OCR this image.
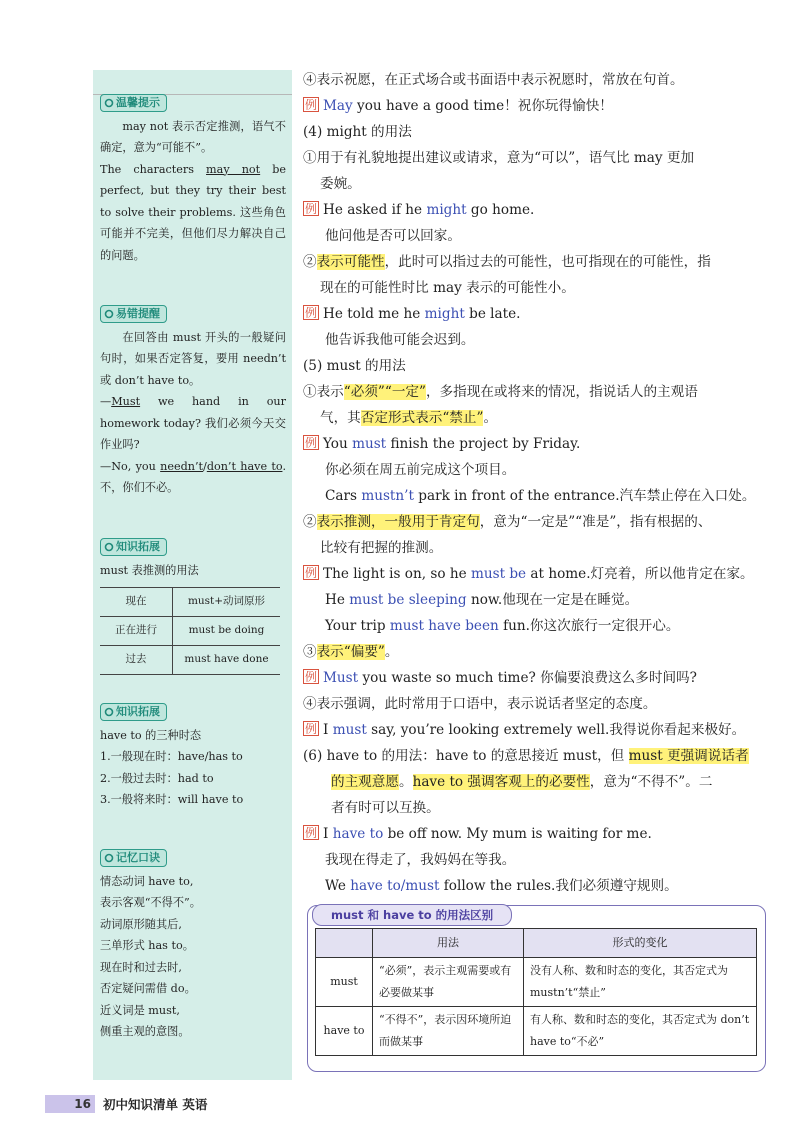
温馨提示

may not 表示否定推测，语气不确定，意为“可能不”。

The characters may not be perfect, but they try their best to solve their problems. 这些角色可能并不完美，但他们尽力解决自己的问题。

易错提醒

在回答由 must 开头的一般疑问句时，如果否定答复，要用 needn’t 或 don’t have to。

—Must we hand in our homework today? 我们必须今天交作业吗?

—No, you needn’t/don’t have to.不，你们不必。

知识拓展

must 表推测的用法

现在	must+动词原形
正在进行	must be doing
过去	must have done
知识拓展

have to 的三种时态

1.一般现在时：have/has to

2.一般过去时：had to

3.一般将来时：will have to

记忆口诀

情态动词 have to,

表示客观“不得不”。

动词原形随其后,

三单形式 has to。

现在时和过去时,

否定疑问需借 do。

近义词是 must,

侧重主观的意图。

④表示祝愿，在正式场合或书面语中表示祝愿时，常放在句首。
例 May you have a good time！祝你玩得愉快！
(4) might 的用法
①用于有礼貌地提出建议或请求，意为“可以”，语气比 may 更加
委婉。
例 He asked if he might go home.
他问他是否可以回家。
②表示可能性，此时可以指过去的可能性，也可指现在的可能性，指
现在的可能性时比 may 表示的可能性小。
例 He told me he might be late.
他告诉我他可能会迟到。
(5) must 的用法
①表示“必须”“一定”，多指现在或将来的情况，指说话人的主观语
气，其否定形式表示“禁止”。
例 You must finish the project by Friday.
你必须在周五前完成这个项目。
Cars mustn’t park in front of the entrance.汽车禁止停在入口处。
②表示推测，一般用于肯定句，意为“一定是”“准是”，指有根据的、
比较有把握的推测。
例 The light is on, so he must be at home.灯亮着，所以他肯定在家。
He must be sleeping now.他现在一定是在睡觉。
Your trip must have been fun.你这次旅行一定很开心。
③表示“偏要”。
例 Must you waste so much time? 你偏要浪费这么多时间吗?
④表示强调，此时常用于口语中，表示说话者坚定的态度。
例 I must say, you’re looking extremely well.我得说你看起来极好。
(6) have to 的用法：have to 的意思接近 must，但 must 更强调说话者
的主观意愿。have to 强调客观上的必要性，意为“不得不”。二
者有时可以互换。
例 I have to be off now. My mum is waiting for me.
我现在得走了，我妈妈在等我。
We have to/must follow the rules.我们必须遵守规则。
must 和 have to 的用法区别
	用法	形式的变化
must	“必须”，表示主观需要或有必要做某事	没有人称、数和时态的变化，其否定式为 mustn’t“禁止”
have to	“不得不”，表示因环境所迫而做某事	有人称、数和时态的变化，其否定式为 don’t have to“不必”
16 初中知识清单 英语
